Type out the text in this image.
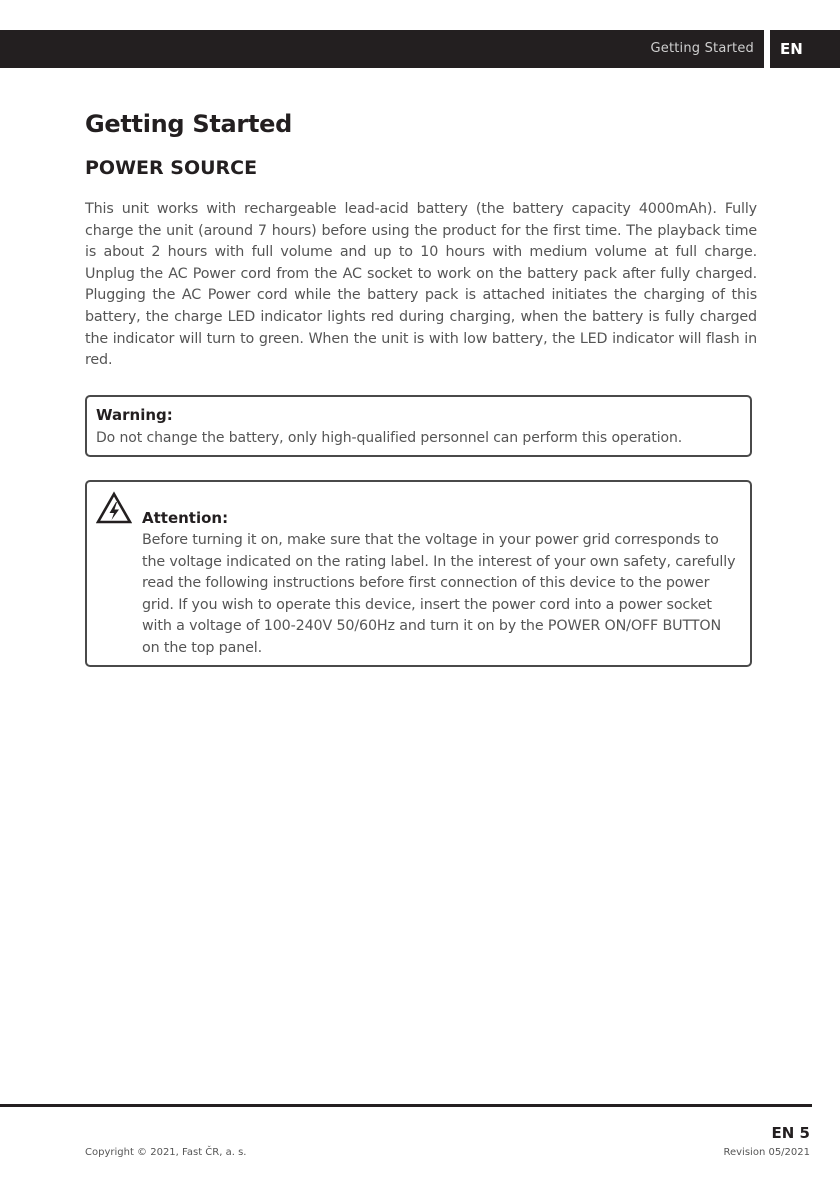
Getting Started	EN
Getting Started
POWER SOURCE

This unit works with rechargeable lead-acid battery (the battery capacity 4000mAh). Fully charge the unit (around 7 hours) before using the product for the first time. The playback time is about 2 hours with full volume and up to 10 hours with medium volume at full charge. Unplug the AC Power cord from the AC socket to work on the battery pack after fully charged. Plugging the AC Power cord while the battery pack is attached initiates the charging of this battery, the charge LED indicator lights red during charging, when the battery is fully charged the indicator will turn to green. When the unit is with low battery, the LED indicator will flash in red.

Warning:
Do not change the battery, only high-qualified personnel can perform this operation.
Attention:
Before turning it on, make sure that the voltage in your power grid corresponds to the voltage indicated on the rating label. In the interest of your own safety, carefully read the following instructions before first connection of this device to the power grid. If you wish to operate this device, insert the power cord into a power socket with a voltage of 100-240V 50/60Hz and turn it on by the POWER ON/OFF BUTTON on the top panel.
EN 5
Copyright © 2021, Fast ČR, a. s.	Revision 05/2021
